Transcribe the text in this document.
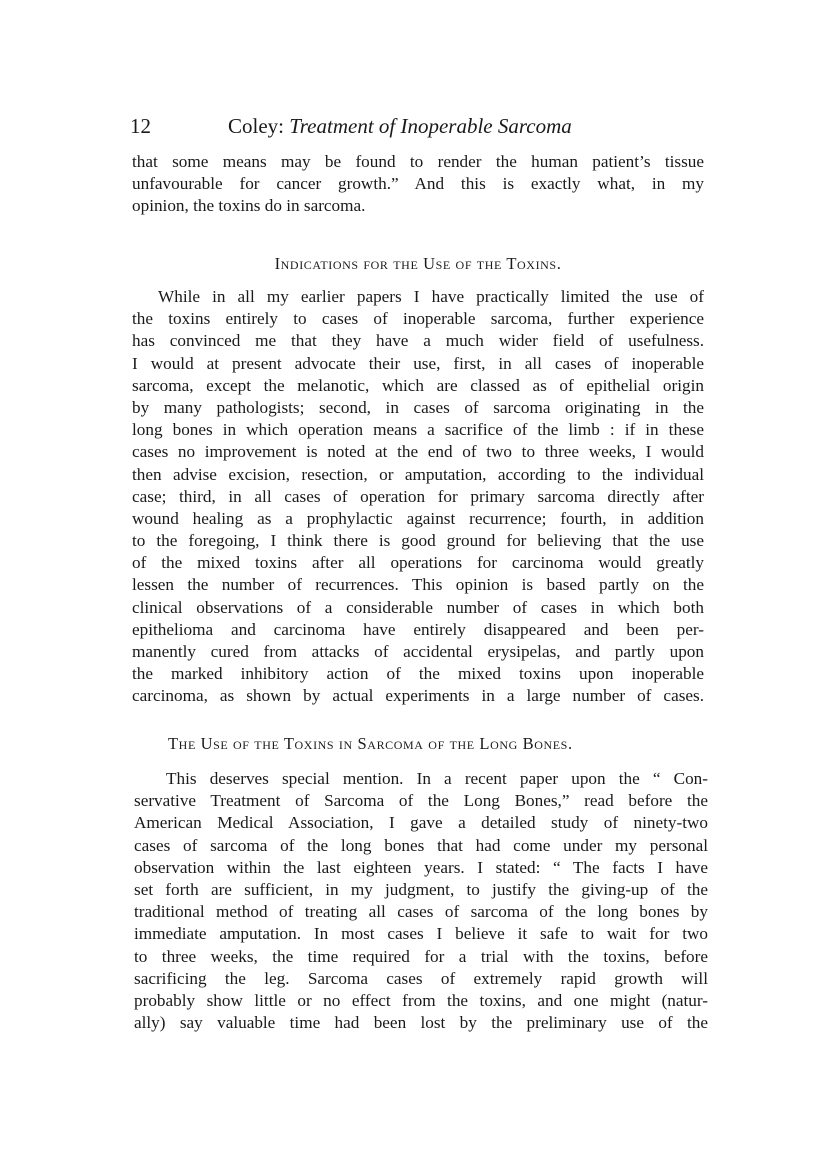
12	Coley: Treatment of Inoperable Sarcoma
that some means may be found to render the human patient’s tissue
unfavourable for cancer growth.” And this is exactly what, in my
opinion, the toxins do in sarcoma.
Indications for the Use of the Toxins.
While in all my earlier papers I have practically limited the use of
the toxins entirely to cases of inoperable sarcoma, further experience
has convinced me that they have a much wider field of usefulness.
I would at present advocate their use, first, in all cases of inoperable
sarcoma, except the melanotic, which are classed as of epithelial origin
by many pathologists; second, in cases of sarcoma originating in the
long bones in which operation means a sacrifice of the limb : if in these
cases no improvement is noted at the end of two to three weeks, I would
then advise excision, resection, or amputation, according to the individual
case; third, in all cases of operation for primary sarcoma directly after
wound healing as a prophylactic against recurrence; fourth, in addition
to the foregoing, I think there is good ground for believing that the use
of the mixed toxins after all operations for carcinoma would greatly
lessen the number of recurrences. This opinion is based partly on the
clinical observations of a considerable number of cases in which both
epithelioma and carcinoma have entirely disappeared and been per-
manently cured from attacks of accidental erysipelas, and partly upon
the marked inhibitory action of the mixed toxins upon inoperable
carcinoma, as shown by actual experiments in a large number of cases.
The Use of the Toxins in Sarcoma of the Long Bones.
This deserves special mention. In a recent paper upon the “ Con-
servative Treatment of Sarcoma of the Long Bones,” read before the
American Medical Association, I gave a detailed study of ninety-two
cases of sarcoma of the long bones that had come under my personal
observation within the last eighteen years. I stated: “ The facts I have
set forth are sufficient, in my judgment, to justify the giving-up of the
traditional method of treating all cases of sarcoma of the long bones by
immediate amputation. In most cases I believe it safe to wait for two
to three weeks, the time required for a trial with the toxins, before
sacrificing the leg. Sarcoma cases of extremely rapid growth will
probably show little or no effect from the toxins, and one might (natur-
ally) say valuable time had been lost by the preliminary use of the
